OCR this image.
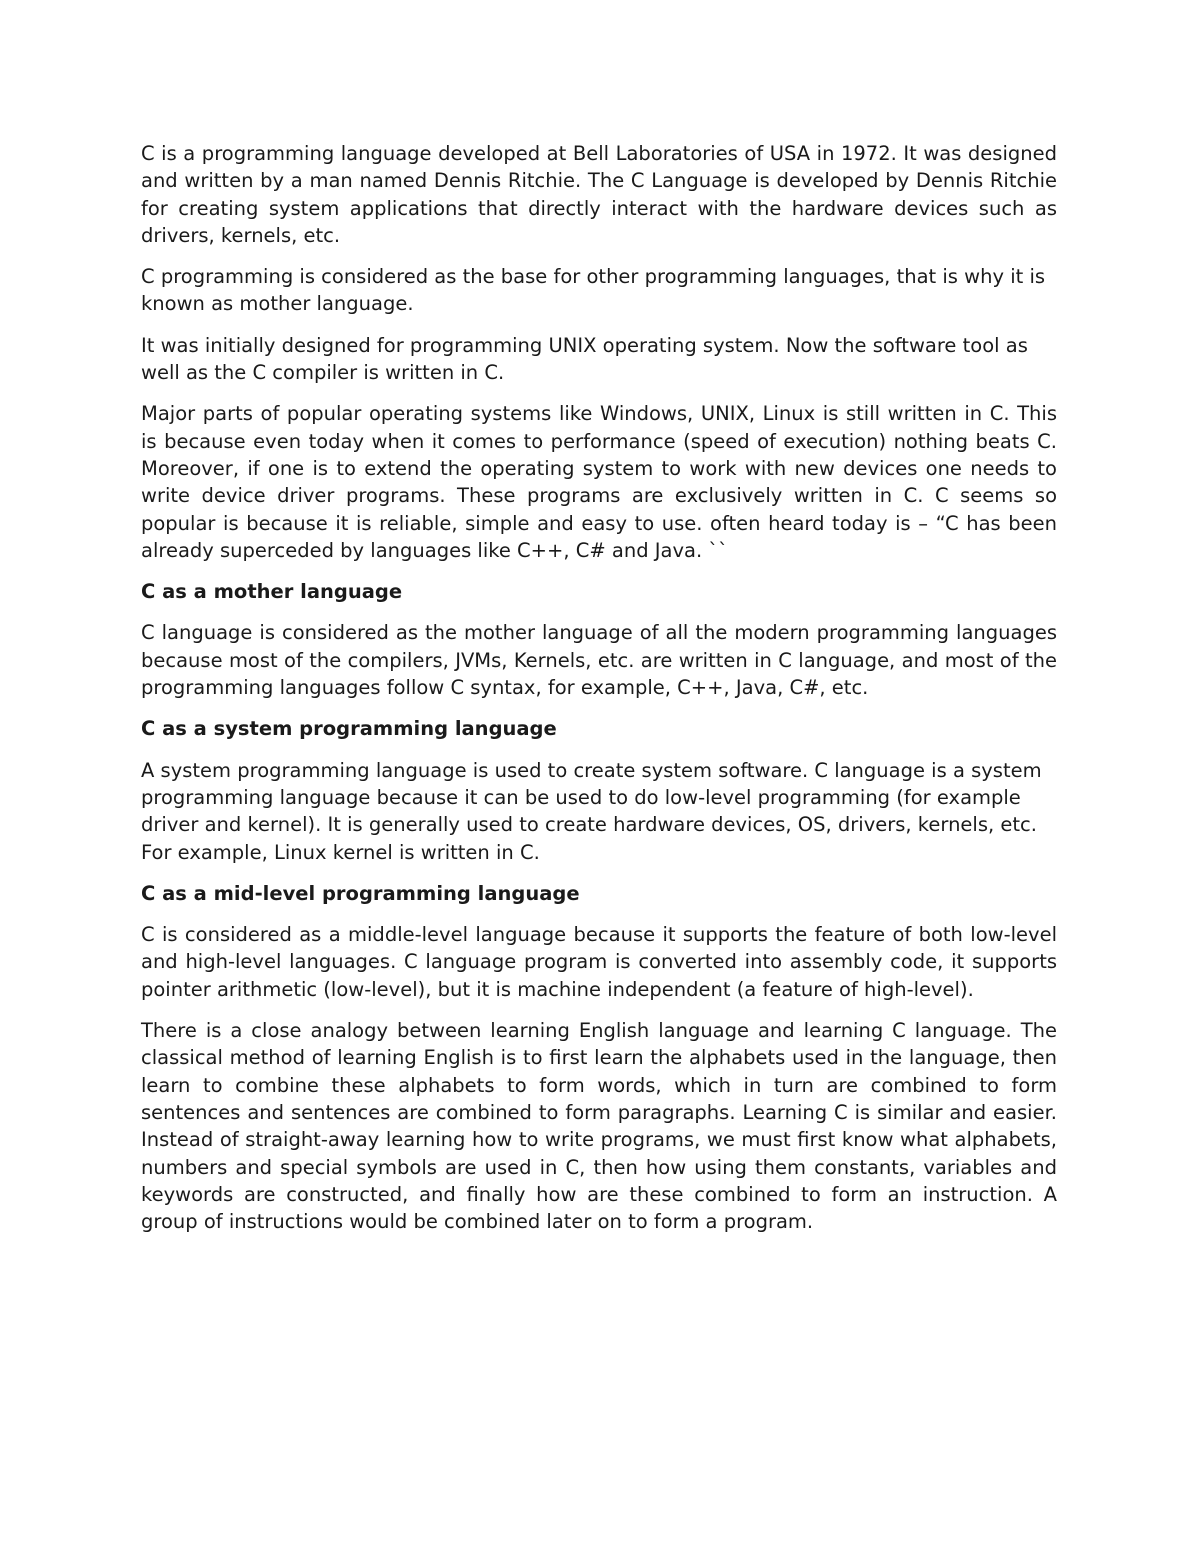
C is a programming language developed at Bell Laboratories of USA in 1972. It was designed and written by a man named Dennis Ritchie. The C Language is developed by Dennis Ritchie for creating system applications that directly interact with the hardware devices such as drivers, kernels, etc.

C programming is considered as the base for other programming languages, that is why it is known as mother language.

It was initially designed for programming UNIX operating system. Now the software tool as well as the C compiler is written in C.

Major parts of popular operating systems like Windows, UNIX, Linux is still written in C. This is because even today when it comes to performance (speed of execution) nothing beats C. Moreover, if one is to extend the operating system to work with new devices one needs to write device driver programs. These programs are exclusively written in C. C seems so popular is because it is reliable, simple and easy to use. often heard today is – “C has been already superceded by languages like C++, C# and Java. ``

C as a mother language

C language is considered as the mother language of all the modern programming languages because most of the compilers, JVMs, Kernels, etc. are written in C language, and most of the programming languages follow C syntax, for example, C++, Java, C#, etc.

C as a system programming language

A system programming language is used to create system software. C language is a system programming language because it can be used to do low-level programming (for example driver and kernel). It is generally used to create hardware devices, OS, drivers, kernels, etc. For example, Linux kernel is written in C.

C as a mid-level programming language

C is considered as a middle-level language because it supports the feature of both low-level and high-level languages. C language program is converted into assembly code, it supports pointer arithmetic (low-level), but it is machine independent (a feature of high-level).

There is a close analogy between learning English language and learning C language. The classical method of learning English is to first learn the alphabets used in the language, then learn to combine these alphabets to form words, which in turn are combined to form sentences and sentences are combined to form paragraphs. Learning C is similar and easier. Instead of straight-away learning how to write programs, we must first know what alphabets, numbers and special symbols are used in C, then how using them constants, variables and keywords are constructed, and finally how are these combined to form an instruction. A group of instructions would be combined later on to form a program.
